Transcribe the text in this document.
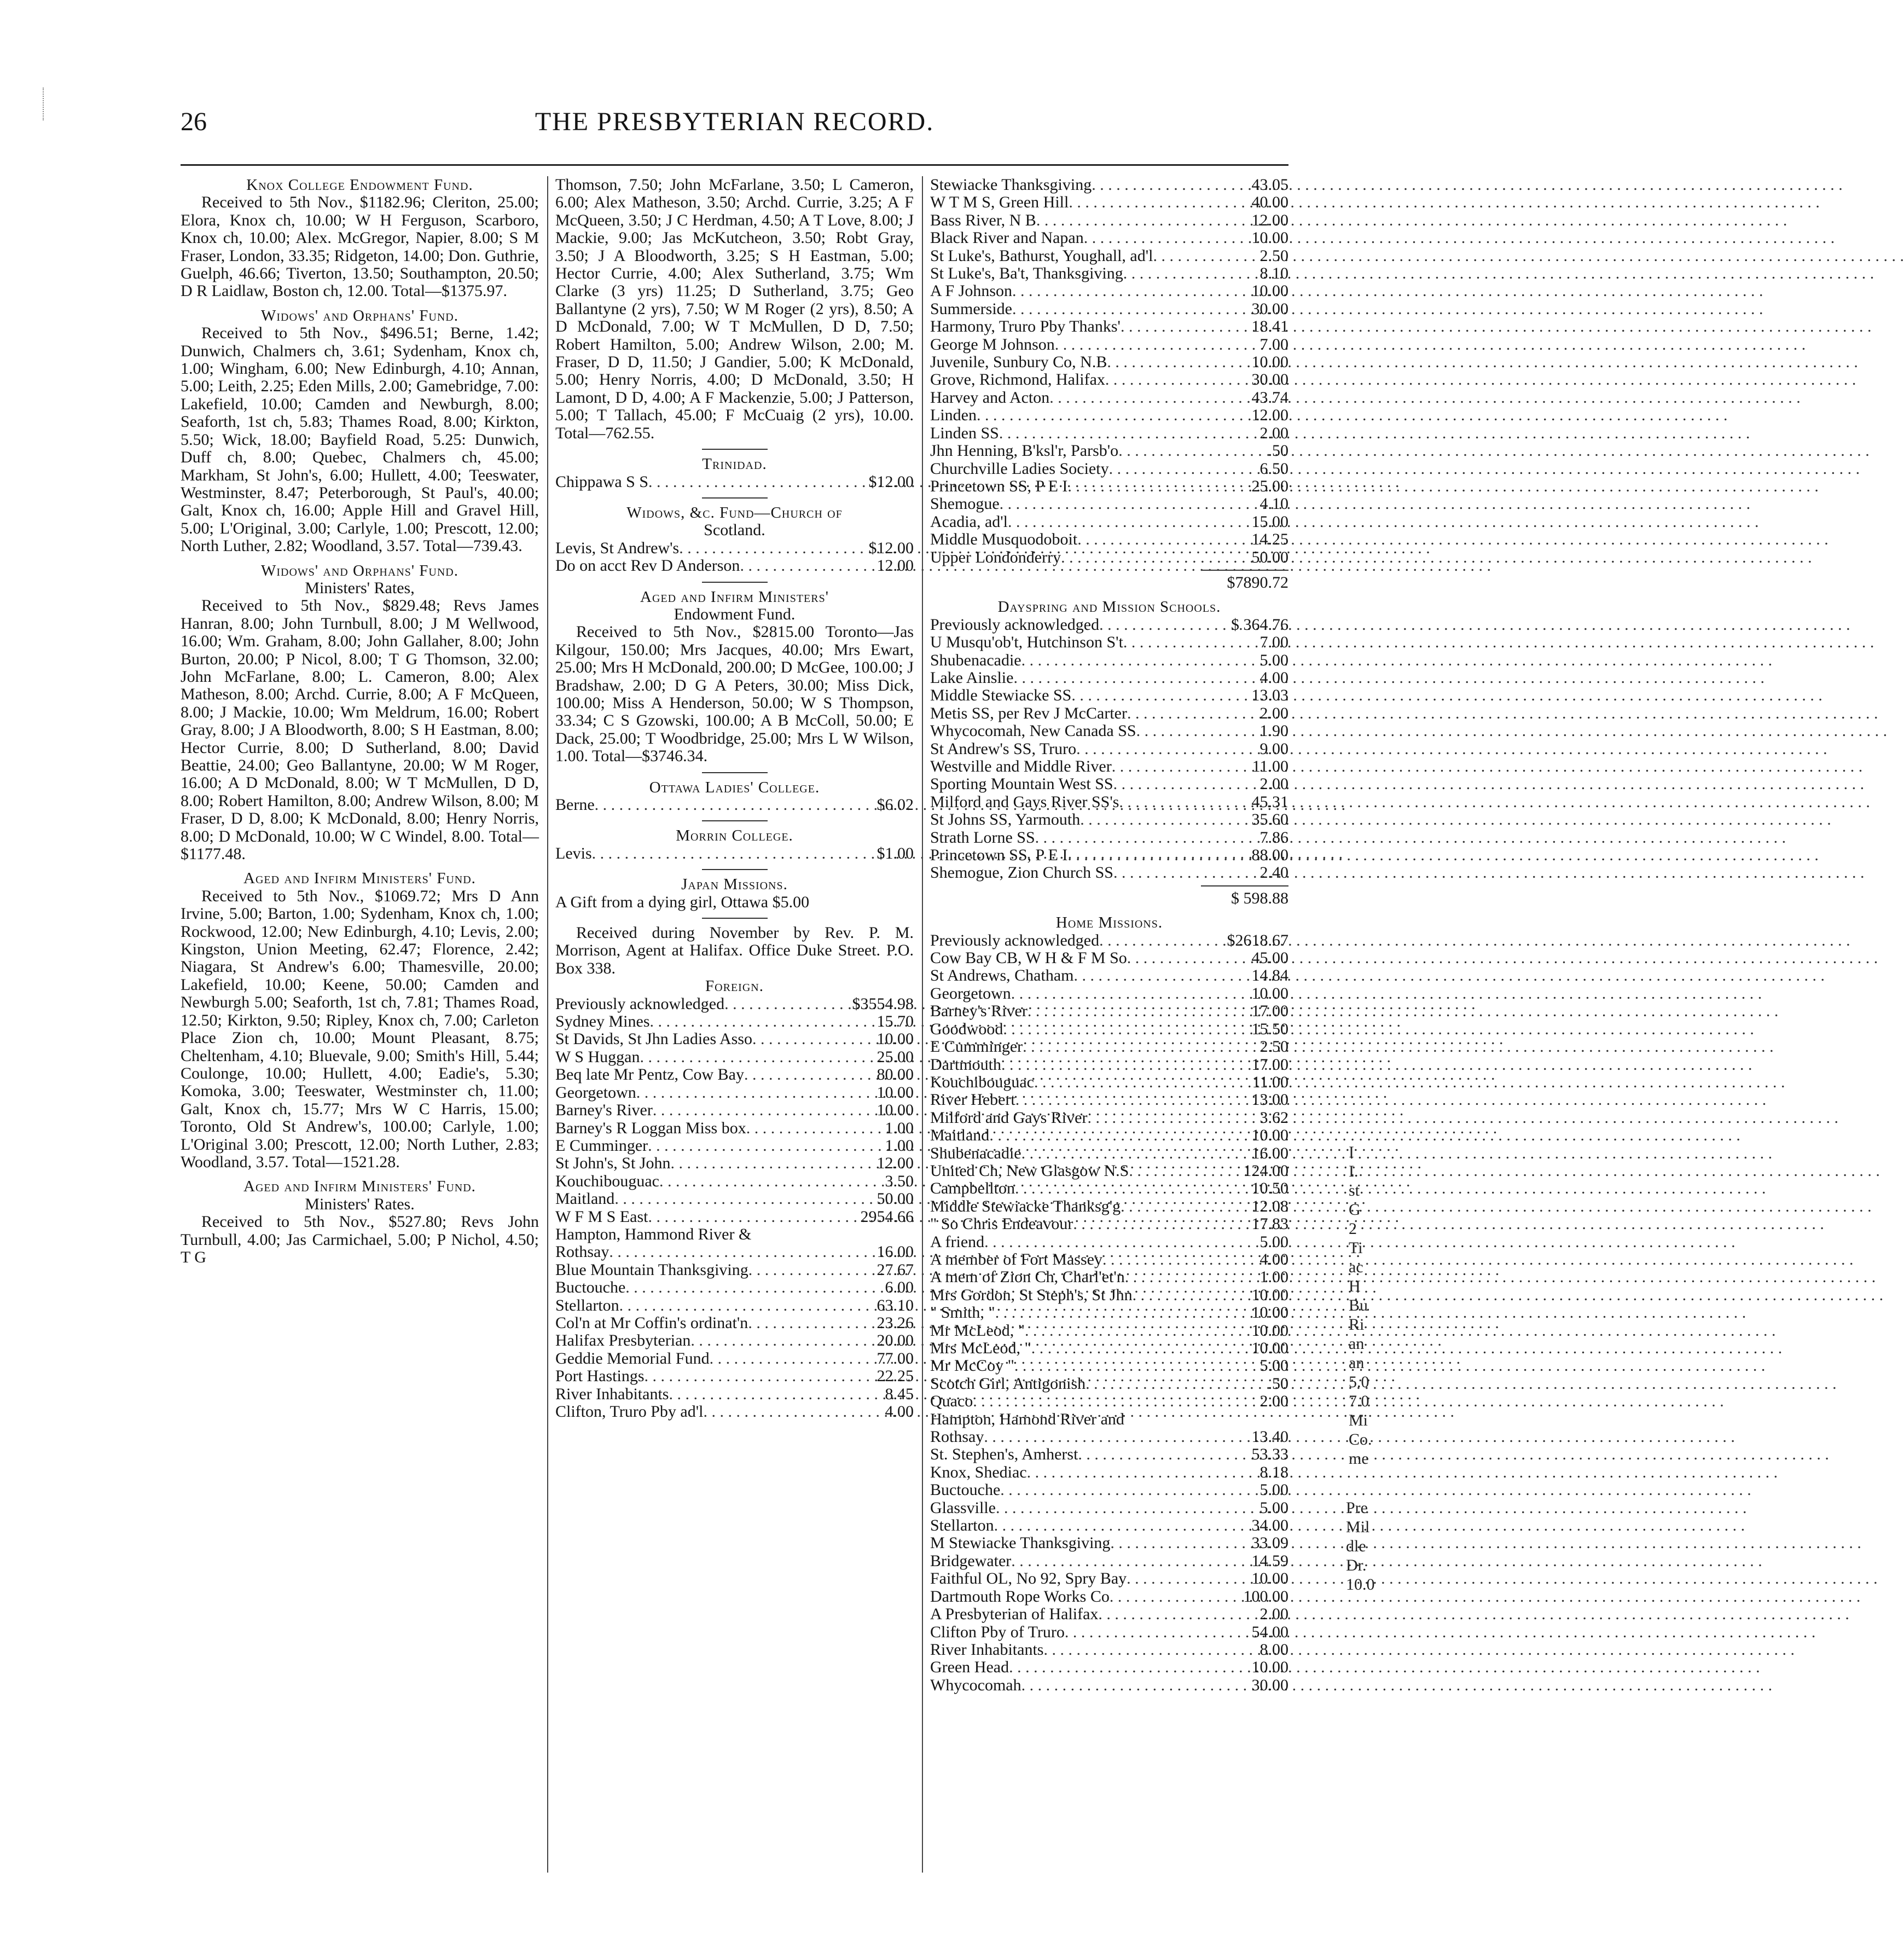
26	THE PRESBYTERIAN RECORD.

Knox College Endowment Fund.

Received to 5th Nov., $1182.96; Cleriton, 25.00; Elora, Knox ch, 10.00; W H Ferguson, Scarboro, Knox ch, 10.00; Alex. McGregor, Napier, 8.00; S M Fraser, London, 33.35; Ridgeton, 14.00; Don. Guthrie, Guelph, 46.66; Tiverton, 13.50; Southampton, 20.50; D R Laidlaw, Boston ch, 12.00. Total—$1375.97.

Widows' and Orphans' Fund.

Received to 5th Nov., $496.51; Berne, 1.42; Dunwich, Chalmers ch, 3.61; Sydenham, Knox ch, 1.00; Wingham, 6.00; New Edinburgh, 4.10; Annan, 5.00; Leith, 2.25; Eden Mills, 2.00; Gamebridge, 7.00: Lakefield, 10.00; Camden and Newburgh, 8.00; Seaforth, 1st ch, 5.83; Thames Road, 8.00; Kirkton, 5.50; Wick, 18.00; Bayfield Road, 5.25: Dunwich, Duff ch, 8.00; Quebec, Chalmers ch, 45.00; Markham, St John's, 6.00; Hullett, 4.00; Teeswater, Westminster, 8.47; Peterborough, St Paul's, 40.00; Galt, Knox ch, 16.00; Apple Hill and Gravel Hill, 5.00; L'Original, 3.00; Carlyle, 1.00; Prescott, 12.00; North Luther, 2.82; Woodland, 3.57. Total—739.43.

Widows' and Orphans' Fund.

Ministers' Rates,

Received to 5th Nov., $829.48; Revs James Hanran, 8.00; John Turnbull, 8.00; J M Wellwood, 16.00; Wm. Graham, 8.00; John Gallaher, 8.00; John Burton, 20.00; P Nicol, 8.00; T G Thomson, 32.00; John McFarlane, 8.00; L. Cameron, 8.00; Alex Matheson, 8.00; Archd. Currie, 8.00; A F McQueen, 8.00; J Mackie, 10.00; Wm Meldrum, 16.00; Robert Gray, 8.00; J A Bloodworth, 8.00; S H Eastman, 8.00; Hector Currie, 8.00; D Sutherland, 8.00; David Beattie, 24.00; Geo Ballantyne, 20.00; W M Roger, 16.00; A D McDonald, 8.00; W T McMullen, D D, 8.00; Robert Hamilton, 8.00; Andrew Wilson, 8.00; M Fraser, D D, 8.00; K McDonald, 8.00; Henry Norris, 8.00; D McDonald, 10.00; W C Windel, 8.00. Total—$1177.48.

Aged and Infirm Ministers' Fund.

Received to 5th Nov., $1069.72; Mrs D Ann Irvine, 5.00; Barton, 1.00; Sydenham, Knox ch, 1.00; Rockwood, 12.00; New Edinburgh, 4.10; Levis, 2.00; Kingston, Union Meeting, 62.47; Florence, 2.42; Niagara, St Andrew's 6.00; Thamesville, 20.00; Lakefield, 10.00; Keene, 50.00; Camden and Newburgh 5.00; Seaforth, 1st ch, 7.81; Thames Road, 12.50; Kirkton, 9.50; Ripley, Knox ch, 7.00; Carleton Place Zion ch, 10.00; Mount Pleasant, 8.75; Cheltenham, 4.10; Bluevale, 9.00; Smith's Hill, 5.44; Coulonge, 10.00; Hullett, 4.00; Eadie's, 5.30; Komoka, 3.00; Teeswater, Westminster ch, 11.00; Galt, Knox ch, 15.77; Mrs W C Harris, 15.00; Toronto, Old St Andrew's, 100.00; Carlyle, 1.00; L'Original 3.00; Prescott, 12.00; North Luther, 2.83; Woodland, 3.57. Total—1521.28.

Aged and Infirm Ministers' Fund.

Ministers' Rates.

Received to 5th Nov., $527.80; Revs John Turnbull, 4.00; Jas Carmichael, 5.00; P Nichol, 4.50; T G

Thomson, 7.50; John McFarlane, 3.50; L Cameron, 6.00; Alex Matheson, 3.50; Archd. Currie, 3.25; A F McQueen, 3.50; J C Herdman, 4.50; A T Love, 8.00; J Mackie, 9.00; Jas McKutcheon, 3.50; Robt Gray, 3.50; J A Bloodworth, 3.25; S H Eastman, 5.00; Hector Currie, 4.00; Alex Sutherland, 3.75; Wm Clarke (3 yrs) 11.25; D Sutherland, 3.75; Geo Ballantyne (2 yrs), 7.50; W M Roger (2 yrs), 8.50; A D McDonald, 7.00; W T McMullen, D D, 7.50; Robert Hamilton, 5.00; Andrew Wilson, 2.00; M. Fraser, D D, 11.50; J Gandier, 5.00; K McDonald, 5.00; Henry Norris, 4.00; D McDonald, 3.50; H Lamont, D D, 4.00; A F Mackenzie, 5.00; J Patterson, 5.00; T Tallach, 45.00; F McCuaig (2 yrs), 10.00. Total—762.55.

Trinidad.

Chippawa S S . . .	$12.00

Widows, &c. Fund—Church of

Scotland.

Levis, St Andrew's . . .	$12.00
Do on acct Rev D Anderson . . .	12.00

Aged and Infirm Ministers'

Endowment Fund.

Received to 5th Nov., $2815.00 Toronto—Jas Kilgour, 150.00; Mrs Jacques, 40.00; Mrs Ewart, 25.00; Mrs H McDonald, 200.00; D McGee, 100.00; J Bradshaw, 2.00; D G A Peters, 30.00; Miss Dick, 100.00; Miss A Henderson, 50.00; W S Thompson, 33.34; C S Gzowski, 100.00; A B McColl, 50.00; E Dack, 25.00; T Woodbridge, 25.00; Mrs L W Wilson, 1.00. Total—$3746.34.

Ottawa Ladies' College.

Berne . . .	$6.02

Morrin College.

Levis . . .	$1.00

Japan Missions.

A Gift from a dying girl, Ottawa $5.00

Received during November by Rev. P. M. Morrison, Agent at Halifax. Office Duke Street. P.O. Box 338.

Foreign.

Previously acknowledged . . .	$3554.98
Sydney Mines . . .	15.70
St Davids, St Jhn Ladies Asso . . .	10.00
W S Huggan . . .	25.00
Beq late Mr Pentz, Cow Bay . . .	80.00
Georgetown . . .	10.00
Barney's River . . .	10.00
Barney's R Loggan Miss box . . .	1.00
E Cumminger . . .	1.00
St John's, St John . . .	12.00
Kouchibouguac . . .	3.50
Maitland . . .	50.00
W F M S East . . .	2954.66
Hampton, Hammond River &
Rothsay . . .	16.00
Blue Mountain Thanksgiving . . .	27.67
Buctouche . . .	6.00
Stellarton . . .	63.10
Col'n at Mr Coffin's ordinat'n . . .	23.26
Halifax Presbyterian . . .	20.00
Geddie Memorial Fund . . .	77.00
Port Hastings . . .	22.25
River Inhabitants . . .	8.45
Clifton, Truro Pby ad'l . . .	4.00
Stewiacke Thanksgiving . . .	43.05
W T M S, Green Hill . . .	40.00
Bass River, N B . . .	12.00
Black River and Napan . . .	10.00
St Luke's, Bathurst, Youghall, ad'l . . .	2.50
St Luke's, Ba't, Thanksgiving . . .	8.10
A F Johnson . . .	10.00
Summerside . . .	30.00
Harmony, Truro Pby Thanks' . . .	18.41
George M Johnson . . .	7.00
Juvenile, Sunbury Co, N.B . . .	10.00
Grove, Richmond, Halifax . . .	30.00
Harvey and Acton . . .	43.74
Linden . . .	12.00
Linden SS . . .	2.00
Jhn Henning, B'ksl'r, Parsb'o . . .	.50
Churchville Ladies Society . . .	6.50
Princetown SS, P E I . . .	25.00
Shemogue . . .	4.10
Acadia, ad'l . . .	15.00
Middle Musquodoboit . . .	14.25
Upper Londonderry . . .	50.00
$7890.72

Dayspring and Mission Schools.

Previously acknowledged . . .	$ 364.76
U Musqu'ob't, Hutchinson S't . . .	7.00
Shubenacadie . . .	5.00
Lake Ainslie . . .	4.00
Middle Stewiacke SS . . .	13.03
Metis SS, per Rev J McCarter . . .	2.00
Whycocomah, New Canada SS . . .	1.90
St Andrew's SS, Truro . . .	9.00
Westville and Middle River . . .	11.00
Sporting Mountain West SS . . .	2.00
Milford and Gays River SS's . . .	45.31
St Johns SS, Yarmouth . . .	35.60
Strath Lorne SS . . .	7.86
Princetown SS, P E I . . .	88.00
Shemogue, Zion Church SS . . .	2.40
$ 598.88

Home Missions.

Previously acknowledged . . .	$2618.67
Cow Bay CB, W H & F M So . . .	45.00
St Andrews, Chatham . . .	14.84
Georgetown . . .	10.00
Barney's River . . .	17.00
Goodwood . . .	15.50
E Cumminger . . .	2.50
Dartmouth . . .	17.00
Kouchibouguac . . .	11.00
River Hebert . . .	13.00
Milford and Gays River . . .	3.62
Maitland . . .	10.00
Shubenacadie . . .	16.00
United Ch, New Glasgow N.S . . .	124.00
Campbellton . . .	10.50
Middle Stewiacke Thanksg'g . . .	12.08
" So Chris Endeavour . . .	17.83
A friend . . .	5.00
A member of Fort Massey . . .	4.00
A mem of Zion Ch, Charl'et'n . . .	1.00
Mrs Gordon, St Steph's, St Jhn . . .	10.00
" Smith, " . . .	10.00
Mr McLeod, " . . .	10.00
Mrs McLeod, " . . .	10.00
Mr McCoy " . . .	5.00
Scotch Girl, Antigonish . . .	.50
Quaco . . .	2.00
Hampton, Hamond River and
Rothsay . . .	13.40
St. Stephen's, Amherst . . .	53.33
Knox, Shediac . . .	8.18
Buctouche . . .	5.00
Glassville . . .	5.00
Stellarton . . .	34.00
M Stewiacke Thanksgiving . . .	33.09
Bridgewater . . .	14.59
Faithful OL, No 92, Spry Bay . . .	10.00
Dartmouth Rope Works Co . . .	100.00
A Presbyterian of Halifax . . .	2.00
Clifton Pby of Truro . . .	54.00
River Inhabitants . . .	8.00
Green Head . . .	10.00
Whycocomah . . .	30.00
I
I.
st
G
2
Ti
ac
H
Bu
Ri
an
an
5.0
7.0
Mi
Co.
me
Pre
Mil
dle
Dr.
10.0
